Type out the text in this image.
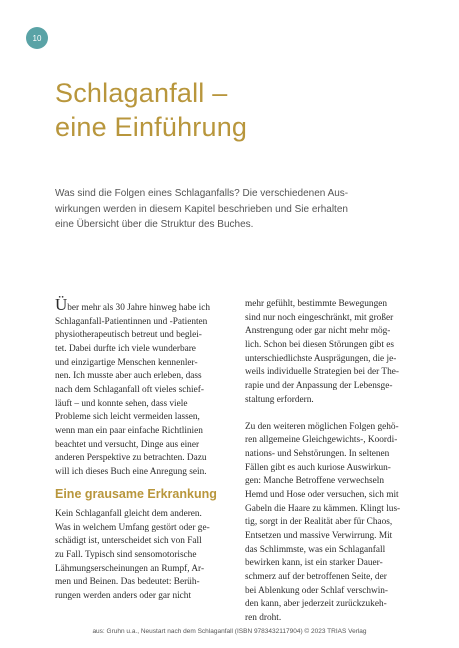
10
Schlaganfall –
eine Einführung
Was sind die Folgen eines Schlaganfalls? Die verschiedenen Aus-
wirkungen werden in diesem Kapitel beschrieben und Sie erhalten
eine Übersicht über die Struktur des Buches.
Über mehr als 30 Jahre hinweg habe ich
Schlaganfall-Patientinnen und -Patienten
physiotherapeutisch betreut und beglei-
tet. Dabei durfte ich viele wunderbare
und einzigartige Menschen kennenler-
nen. Ich musste aber auch erleben, dass
nach dem Schlaganfall oft vieles schief-
läuft – und konnte sehen, dass viele
Probleme sich leicht vermeiden lassen,
wenn man ein paar einfache Richtlinien
beachtet und versucht, Dinge aus einer
anderen Perspektive zu betrachten. Dazu
will ich dieses Buch eine Anregung sein.
Eine grausame Erkrankung
Kein Schlaganfall gleicht dem anderen.
Was in welchem Umfang gestört oder ge-
schädigt ist, unterscheidet sich von Fall
zu Fall. Typisch sind sensomotorische
Lähmungserscheinungen an Rumpf, Ar-
men und Beinen. Das bedeutet: Berüh-
rungen werden anders oder gar nicht
mehr gefühlt, bestimmte Bewegungen
sind nur noch eingeschränkt, mit großer
Anstrengung oder gar nicht mehr mög-
lich. Schon bei diesen Störungen gibt es
unterschiedlichste Ausprägungen, die je-
weils individuelle Strategien bei der The-
rapie und der Anpassung der Lebensge-
staltung erfordern.
Zu den weiteren möglichen Folgen gehö-
ren allgemeine Gleichgewichts-, Koordi-
nations- und Sehstörungen. In seltenen
Fällen gibt es auch kuriose Auswirkun-
gen: Manche Betroffene verwechseln
Hemd und Hose oder versuchen, sich mit
Gabeln die Haare zu kämmen. Klingt lus-
tig, sorgt in der Realität aber für Chaos,
Entsetzen und massive Verwirrung. Mit
das Schlimmste, was ein Schlaganfall
bewirken kann, ist ein starker Dauer-
schmerz auf der betroffenen Seite, der
bei Ablenkung oder Schlaf verschwin-
den kann, aber jederzeit zurückzukeh-
ren droht.
aus: Gruhn u.a., Neustart nach dem Schlaganfall (ISBN 9783432117904) © 2023 TRIAS Verlag
